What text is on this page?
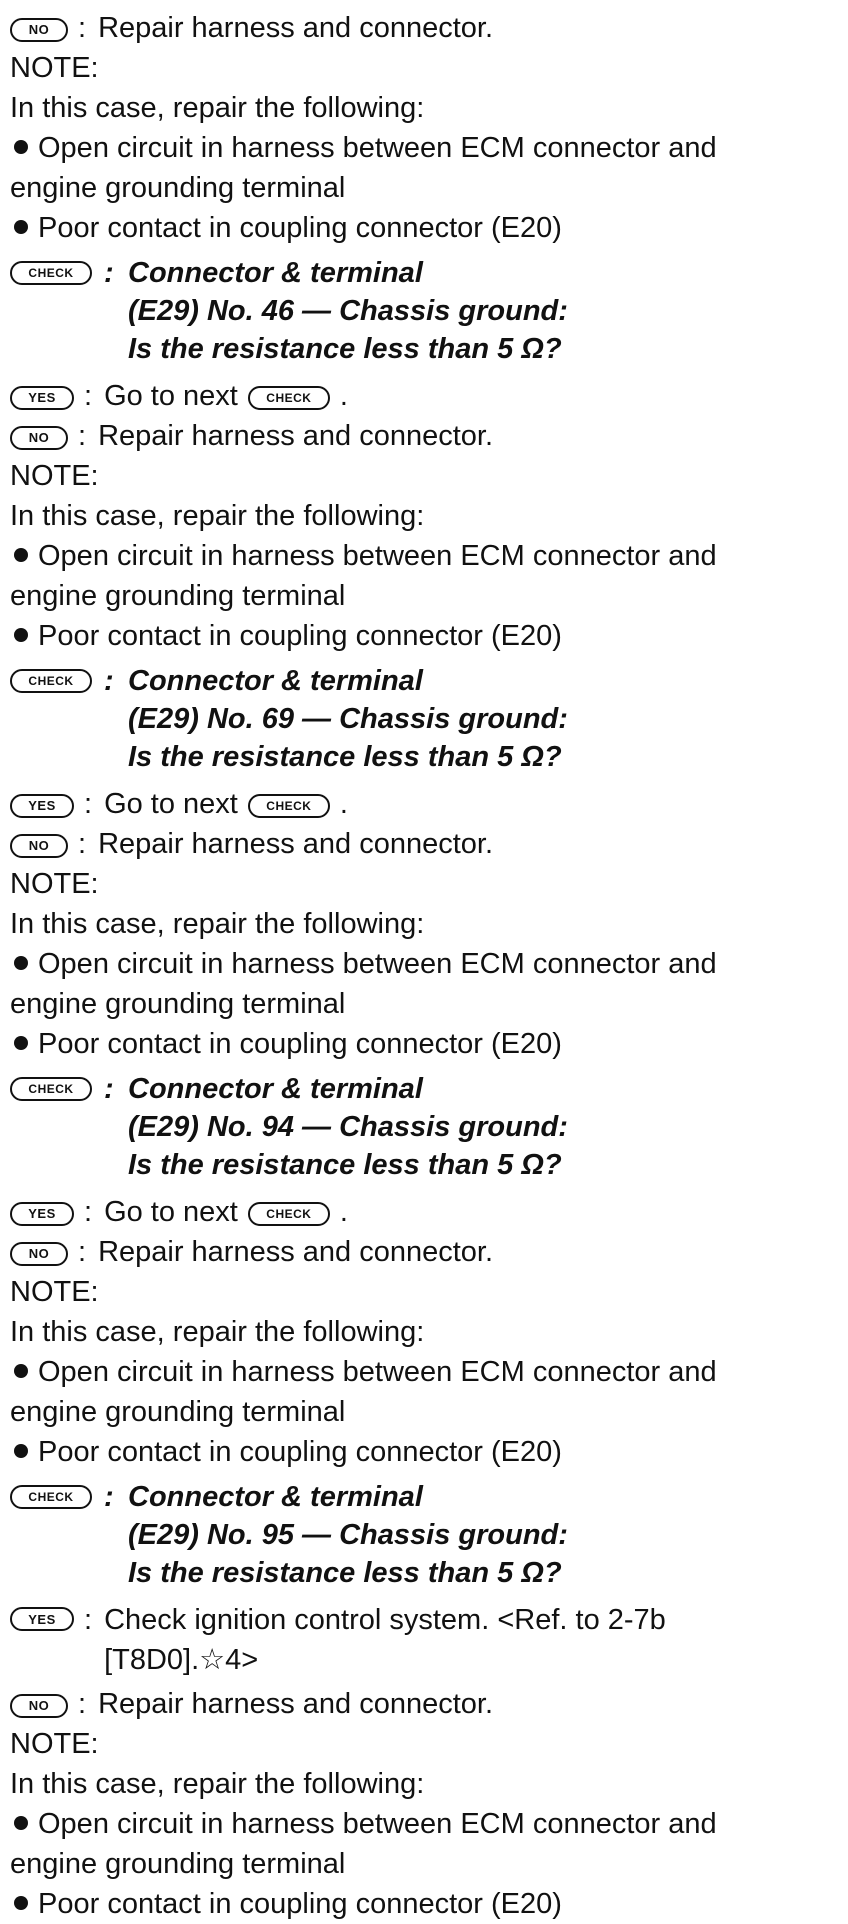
NO : Repair harness and connector.
NOTE:
In this case, repair the following:
Open circuit in harness between ECM connector and
engine grounding terminal
Poor contact in coupling connector (E20)
CHECK	: Connector & terminal
(E29) No. 46 — Chassis ground:
Is the resistance less than 5 Ω?
YES : Go to next	CHECK .
NO : Repair harness and connector.
NOTE:
In this case, repair the following:
Open circuit in harness between ECM connector and
engine grounding terminal
Poor contact in coupling connector (E20)
CHECK	: Connector & terminal
(E29) No. 69 — Chassis ground:
Is the resistance less than 5 Ω?
YES : Go to next	CHECK .
NO : Repair harness and connector.
NOTE:
In this case, repair the following:
Open circuit in harness between ECM connector and
engine grounding terminal
Poor contact in coupling connector (E20)
CHECK	: Connector & terminal
(E29) No. 94 — Chassis ground:
Is the resistance less than 5 Ω?
YES : Go to next	CHECK .
NO : Repair harness and connector.
NOTE:
In this case, repair the following:
Open circuit in harness between ECM connector and
engine grounding terminal
Poor contact in coupling connector (E20)
CHECK	: Connector & terminal
(E29) No. 95 — Chassis ground:
Is the resistance less than 5 Ω?
YES : Check ignition control system. <Ref. to 2-7b
[T8D0].☆4>
NO : Repair harness and connector.
NOTE:
In this case, repair the following:
Open circuit in harness between ECM connector and
engine grounding terminal
Poor contact in coupling connector (E20)
